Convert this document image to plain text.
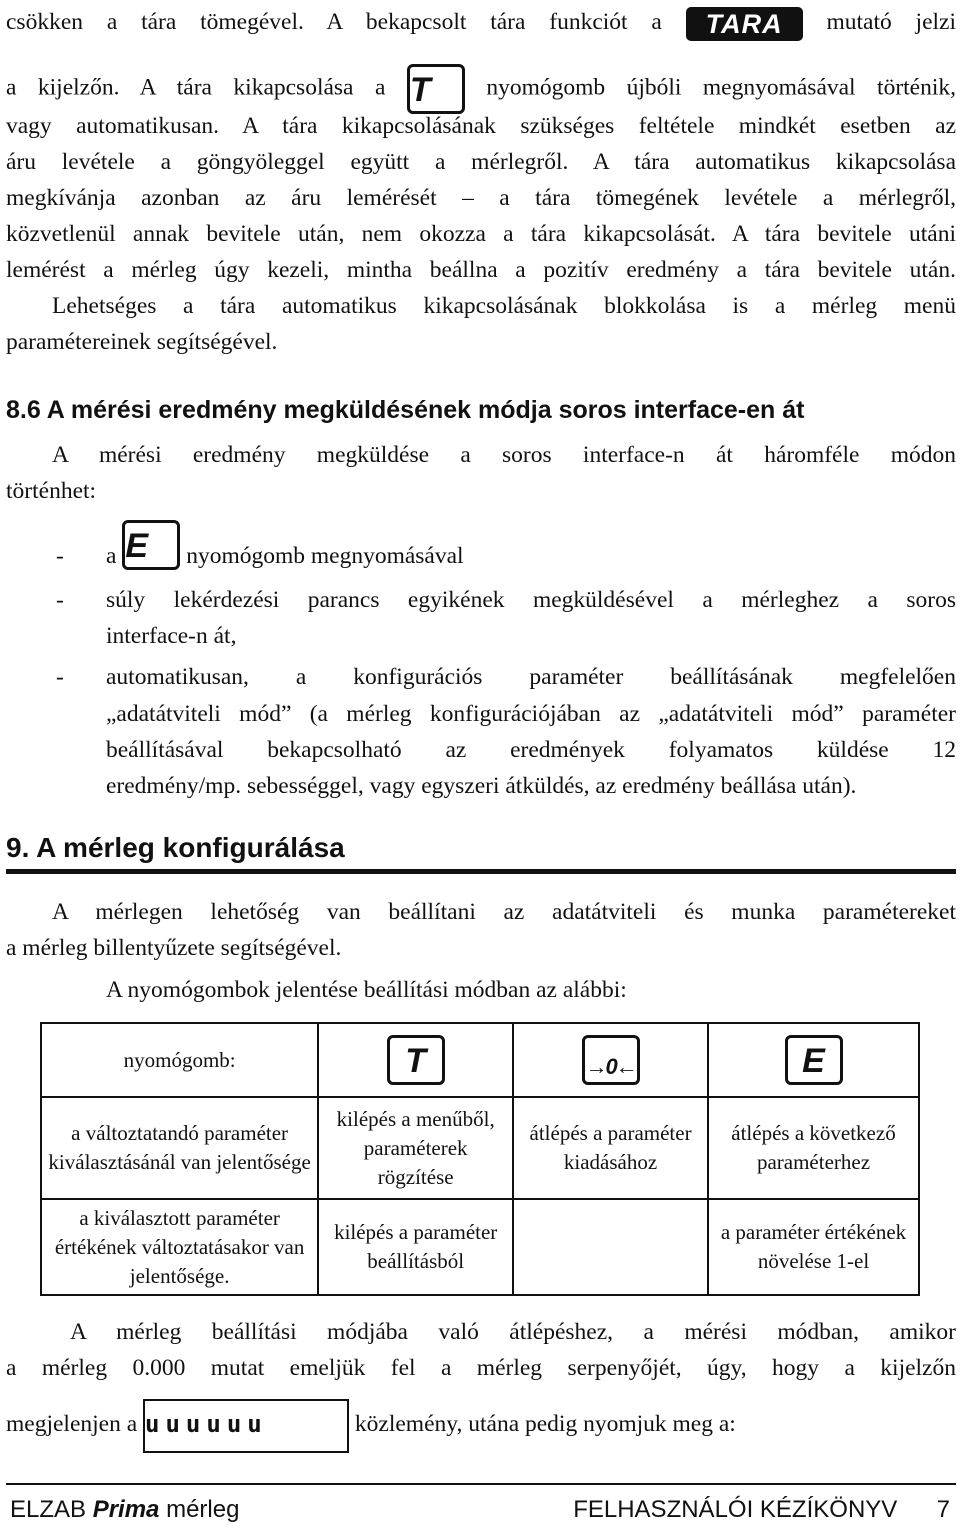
csökken a tára tömegével. A bekapcsolt tára funkciót a TARA mutató jelzi
a kijelzőn. A tára kikapcsolása a T	nyomógomb újbóli megnyomásával történik,
vagy automatikusan. A tára kikapcsolásának szükséges feltétele mindkét esetben az
áru levétele a göngyöleggel együtt a mérlegről. A tára automatikus kikapcsolása
megkívánja azonban az áru lemérését – a tára tömegének levétele a mérlegről,
közvetlenül annak bevitele után, nem okozza a tára kikapcsolását. A tára bevitele utáni
lemérést a mérleg úgy kezeli, mintha beállna a pozitív eredmény a tára bevitele után.
Lehetséges a tára automatikus kikapcsolásának blokkolása is a mérleg menü
paramétereinek segítségével.
8.6 A mérési eredmény megküldésének módja soros interface-en át
A mérési eredmény megküldése a soros interface-n át háromféle módon
történhet:
- a E	nyomógomb megnyomásával
- súly lekérdezési parancs egyikének megküldésével a mérleghez a soros
interface-n át,
- automatikusan, a konfigurációs paraméter beállításának megfelelően
„adatátviteli mód” (a mérleg konfigurációjában az „adatátviteli mód” paraméter
beállításával bekapcsolható az eredmények folyamatos küldése 12
eredmény/mp. sebességgel, vagy egyszeri átküldés, az eredmény beállása után).
9. A mérleg konfigurálása
A mérlegen lehetőség van beállítani az adatátviteli és munka paramétereket
a mérleg billentyűzete segítségével.
A nyomógombok jelentése beállítási módban az alábbi:
nyomógomb:	T	→0←	E

a változtatandó paraméter kiválasztásánál van jelentősége	kilépés a menűből, paraméterek rögzítése	átlépés a paraméter kiadásához	átlépés a következő paraméterhez
a kiválasztott paraméter értékének változtatásakor van jelentősége.	kilépés a paraméter beállításból		a paraméter értékének növelése 1-el
A mérleg beállítási módjába való átlépéshez, a mérési módban, amikor
a mérleg 0.000 mutat emeljük fel a mérleg serpenyőjét, úgy, hogy a kijelzőn
megjelenjen a uuuuuu	közlemény, utána pedig nyomjuk meg a:
ELZAB Prima mérleg	FELHASZNÁLÓI KÉZÍKÖNYV 7
